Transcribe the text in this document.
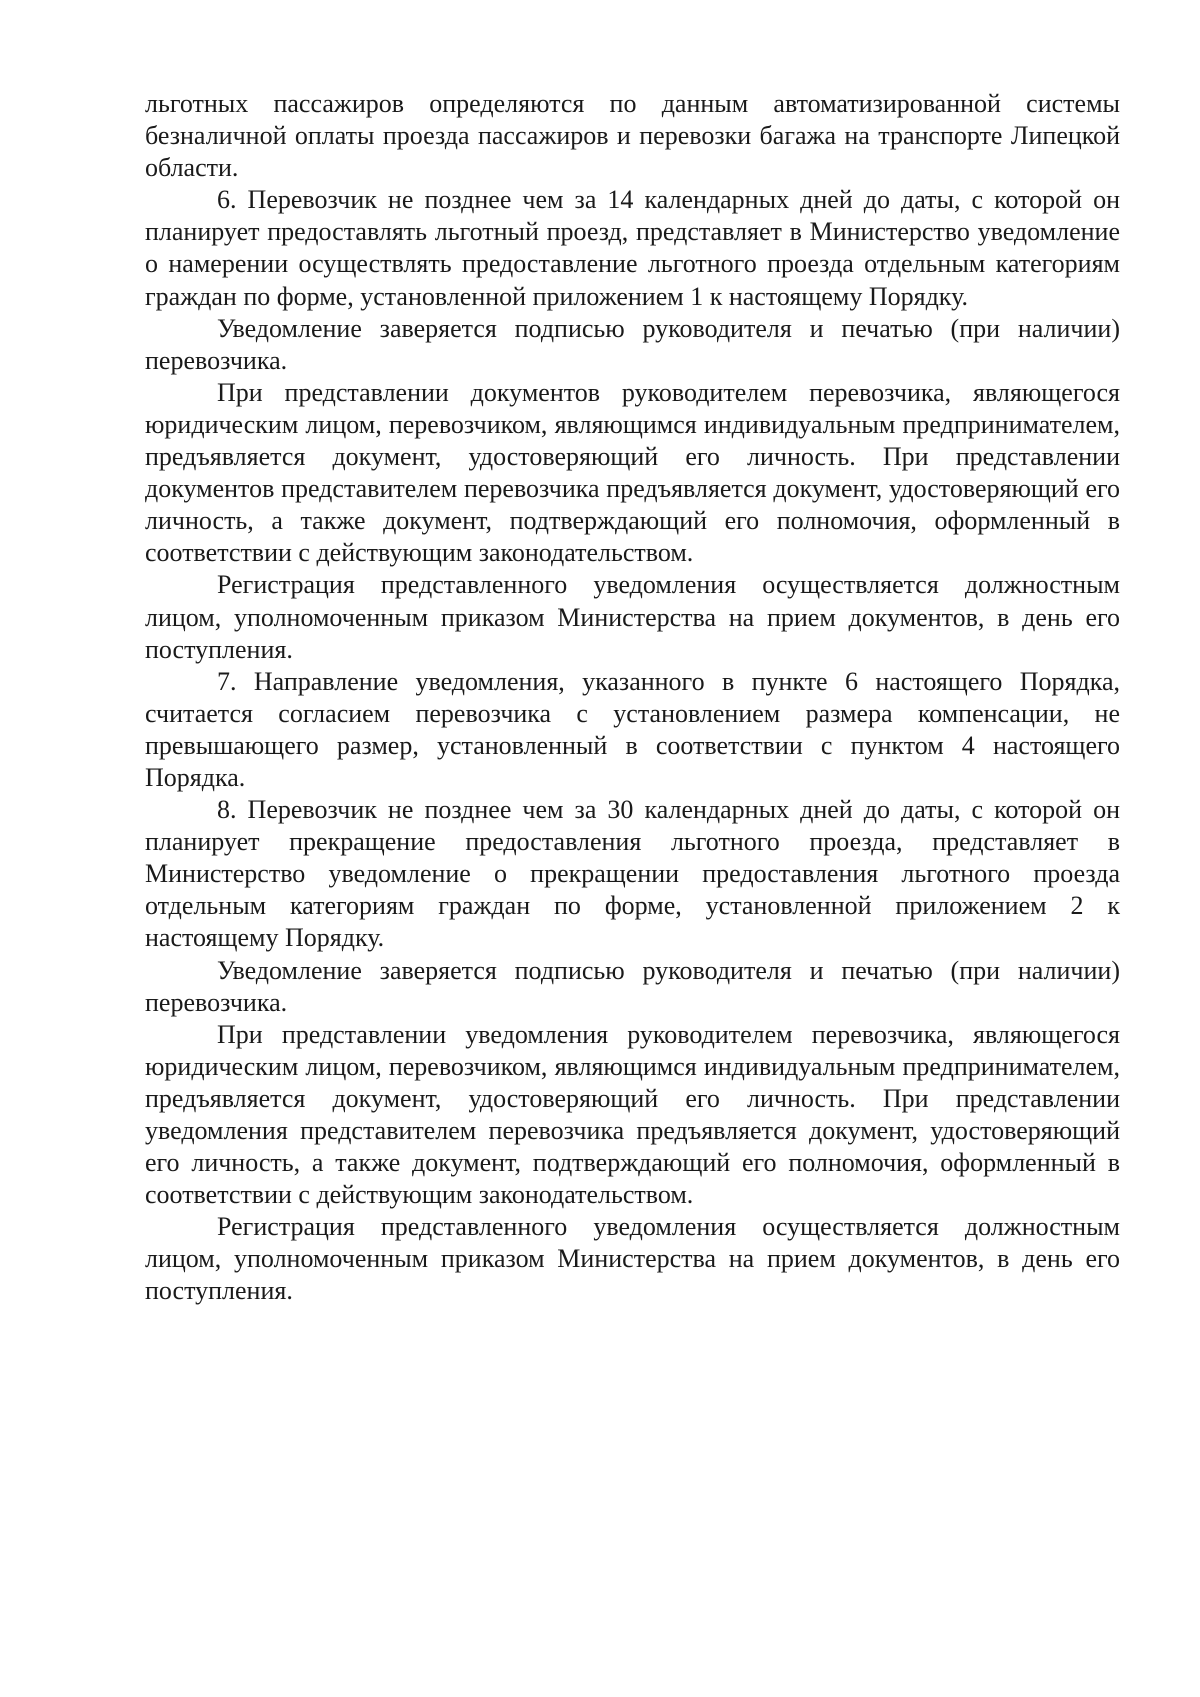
льготных пассажиров определяются по данным автоматизированной системы безналичной оплаты проезда пассажиров и перевозки багажа на транспорте Липецкой области.

6. Перевозчик не позднее чем за 14 календарных дней до даты, с которой он планирует предоставлять льготный проезд, представляет в Министерство уведомление о намерении осуществлять предоставление льготного проезда отдельным категориям граждан по форме, установленной приложением 1 к настоящему Порядку.

Уведомление заверяется подписью руководителя и печатью (при наличии) перевозчика.

При представлении документов руководителем перевозчика, являющегося юридическим лицом, перевозчиком, являющимся индивидуальным предпринимателем, предъявляется документ, удостоверяющий его личность. При представлении документов представителем перевозчика предъявляется документ, удостоверяющий его личность, а также документ, подтверждающий его полномочия, оформленный в соответствии с действующим законодательством.

Регистрация представленного уведомления осуществляется должностным лицом, уполномоченным приказом Министерства на прием документов, в день его поступления.

7. Направление уведомления, указанного в пункте 6 настоящего Порядка, считается согласием перевозчика с установлением размера компенсации, не превышающего размер, установленный в соответствии с пунктом 4 настоящего Порядка.

8. Перевозчик не позднее чем за 30 календарных дней до даты, с которой он планирует прекращение предоставления льготного проезда, представляет в Министерство уведомление о прекращении предоставления льготного проезда отдельным категориям граждан по форме, установленной приложением 2 к настоящему Порядку.

Уведомление заверяется подписью руководителя и печатью (при наличии) перевозчика.

При представлении уведомления руководителем перевозчика, являющегося юридическим лицом, перевозчиком, являющимся индивидуальным предпринимателем, предъявляется документ, удостоверяющий его личность. При представлении уведомления представителем перевозчика предъявляется документ, удостоверяющий его личность, а также документ, подтверждающий его полномочия, оформленный в соответствии с действующим законодательством.

Регистрация представленного уведомления осуществляется должностным лицом, уполномоченным приказом Министерства на прием документов, в день его поступления.
